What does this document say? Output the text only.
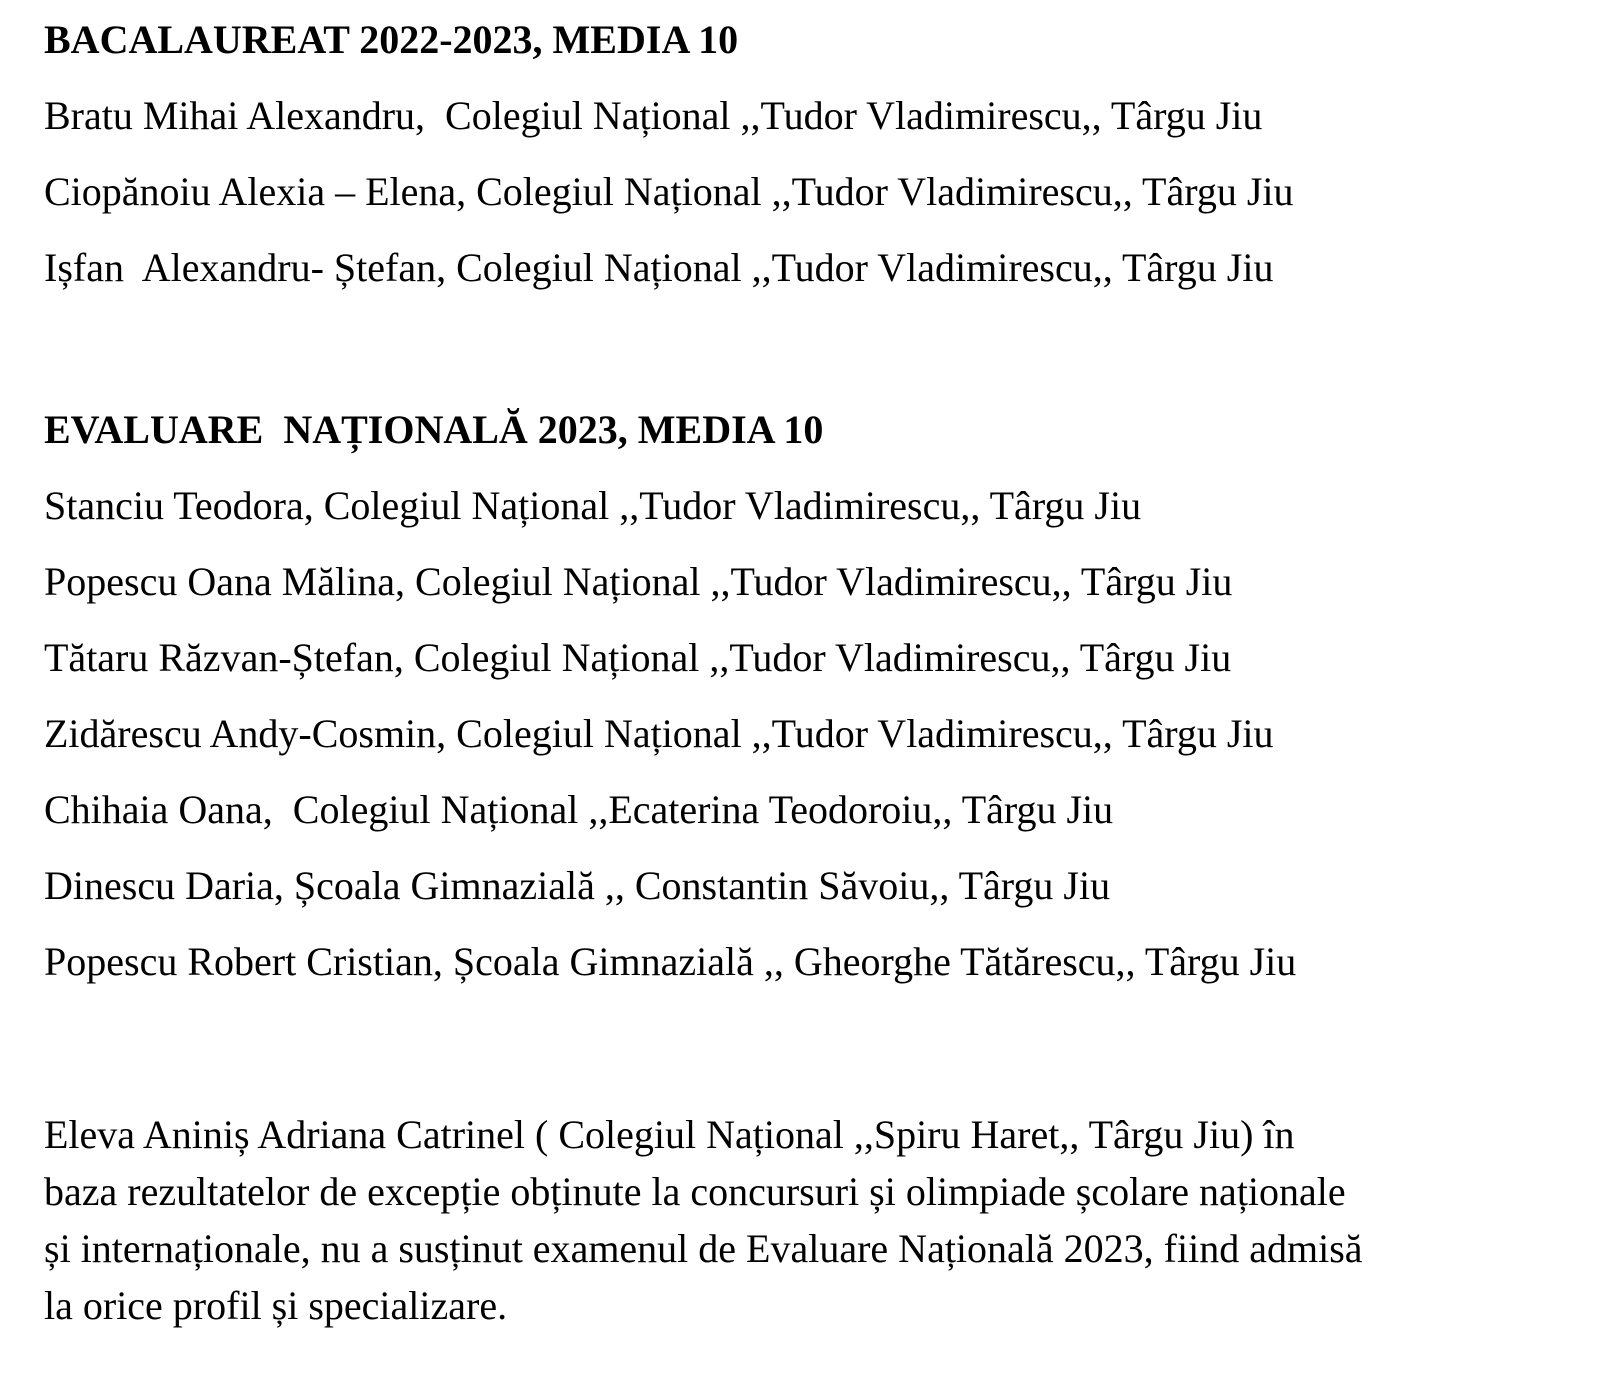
BACALAUREAT 2022-2023, MEDIA 10
Bratu Mihai Alexandru,  Colegiul Național ,,Tudor Vladimirescu,, Târgu Jiu
Ciopănoiu Alexia – Elena, Colegiul Național ,,Tudor Vladimirescu,, Târgu Jiu
Ișfan  Alexandru- Ștefan, Colegiul Național ,,Tudor Vladimirescu,, Târgu Jiu
EVALUARE  NAȚIONALĂ 2023, MEDIA 10
Stanciu Teodora, Colegiul Național ,,Tudor Vladimirescu,, Târgu Jiu
Popescu Oana Mălina, Colegiul Național ,,Tudor Vladimirescu,, Târgu Jiu
Tătaru Răzvan-Ștefan, Colegiul Național ,,Tudor Vladimirescu,, Târgu Jiu
Zidărescu Andy-Cosmin, Colegiul Național ,,Tudor Vladimirescu,, Târgu Jiu
Chihaia Oana,  Colegiul Național ,,Ecaterina Teodoroiu,, Târgu Jiu
Dinescu Daria, Școala Gimnazială ,, Constantin Săvoiu,, Târgu Jiu
Popescu Robert Cristian, Școala Gimnazială ,, Gheorghe Tătărescu,, Târgu Jiu
Eleva Aniniș Adriana Catrinel ( Colegiul Național ,,Spiru Haret,, Târgu Jiu) în
baza rezultatelor de excepție obținute la concursuri și olimpiade școlare naționale
și internaționale, nu a susținut examenul de Evaluare Națională 2023, fiind admisă
la orice profil și specializare.
